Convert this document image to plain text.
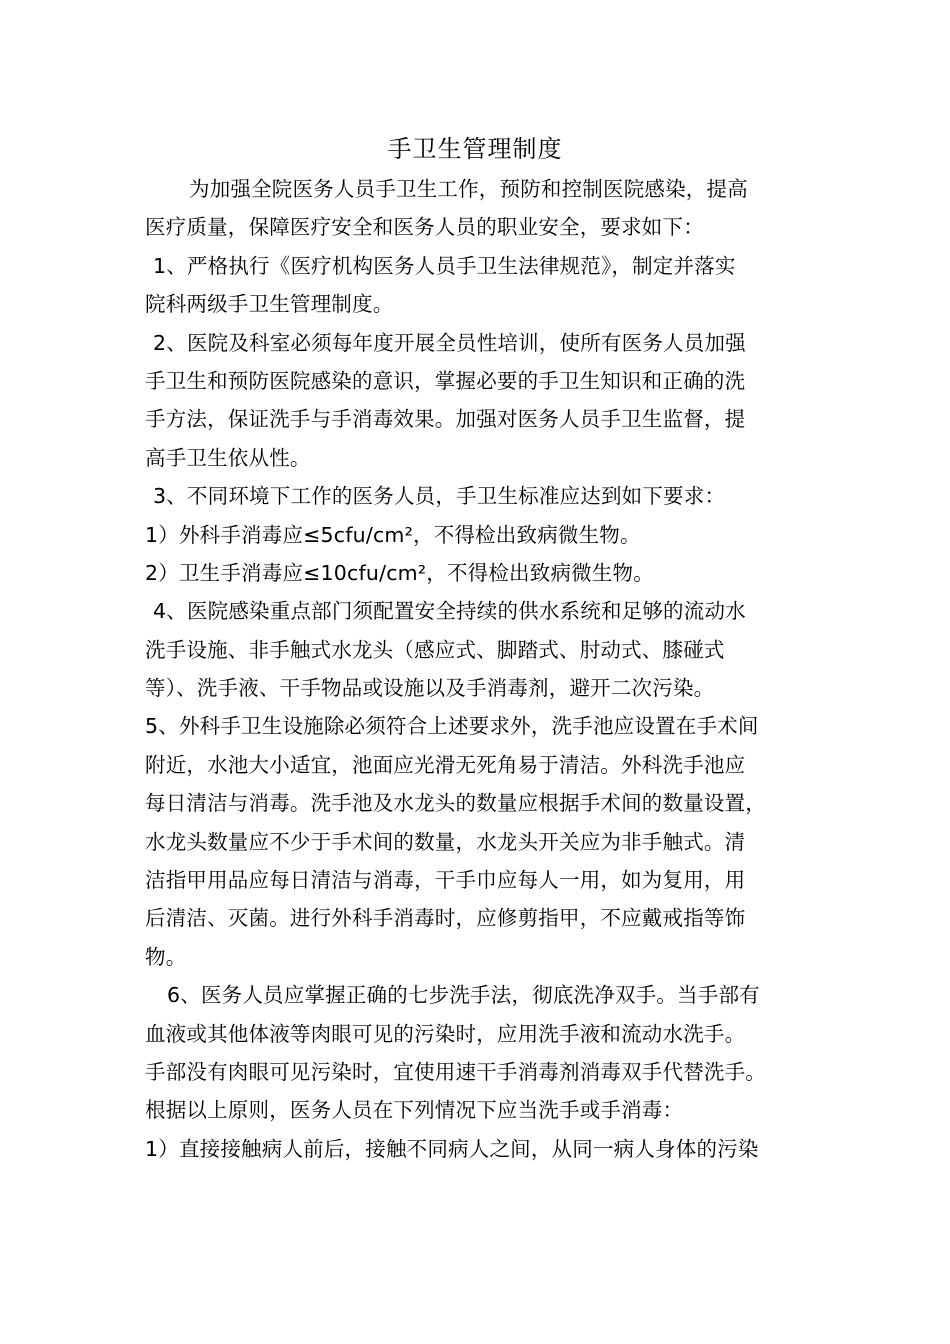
手卫生管理制度
为加强全院医务人员手卫生工作，预防和控制医院感染，提高
医疗质量，保障医疗安全和医务人员的职业安全，要求如下：
1、严格执行《医疗机构医务人员手卫生法律规范》，制定并落实
院科两级手卫生管理制度。
2、医院及科室必须每年度开展全员性培训，使所有医务人员加强
手卫生和预防医院感染的意识，掌握必要的手卫生知识和正确的洗
手方法，保证洗手与手消毒效果。加强对医务人员手卫生监督，提
高手卫生依从性。
3、不同环境下工作的医务人员，手卫生标准应达到如下要求：
1）外科手消毒应≤5cfu/cm²，不得检出致病微生物。
2）卫生手消毒应≤10cfu/cm²，不得检出致病微生物。
4、医院感染重点部门须配置安全持续的供水系统和足够的流动水
洗手设施、非手触式水龙头（感应式、脚踏式、肘动式、膝碰式
等）、洗手液、干手物品或设施以及手消毒剂，避开二次污染。
5、外科手卫生设施除必须符合上述要求外，洗手池应设置在手术间
附近，水池大小适宜，池面应光滑无死角易于清洁。外科洗手池应
每日清洁与消毒。洗手池及水龙头的数量应根据手术间的数量设置，
水龙头数量应不少于手术间的数量，水龙头开关应为非手触式。清
洁指甲用品应每日清洁与消毒，干手巾应每人一用，如为复用，用
后清洁、灭菌。进行外科手消毒时，应修剪指甲，不应戴戒指等饰
物。
6、医务人员应掌握正确的七步洗手法，彻底洗净双手。当手部有
血液或其他体液等肉眼可见的污染时，应用洗手液和流动水洗手。
手部没有肉眼可见污染时，宜使用速干手消毒剂消毒双手代替洗手。
根据以上原则，医务人员在下列情况下应当洗手或手消毒：
1）直接接触病人前后，接触不同病人之间，从同一病人身体的污染
